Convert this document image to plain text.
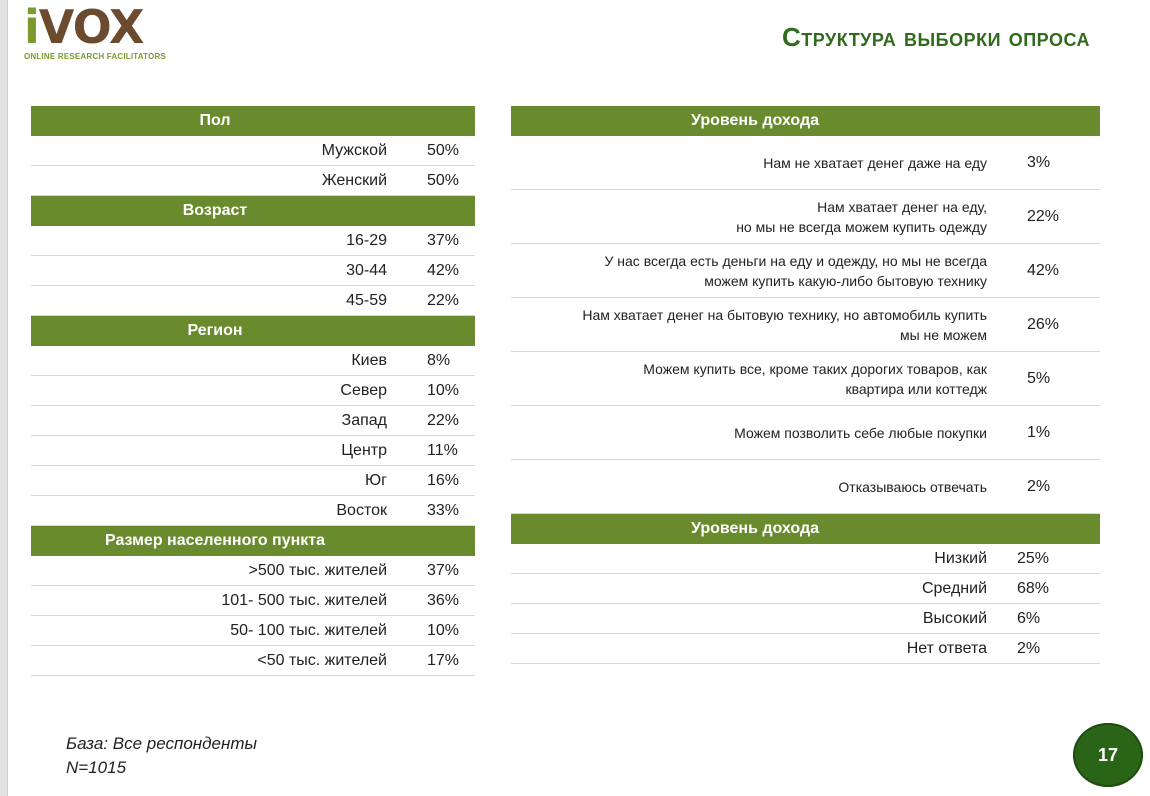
iVOX
ONLINE RESEARCH FACILITATORS
Структура выборки опроса
Пол	
Мужской	50%
Женский	50%
Возраст	
16-29	37%
30-44	42%
45-59	22%
Регион	
Киев	8%
Север	10%
Запад	22%
Центр	11%
Юг	16%
Восток	33%
Размер населенного пункта	
>500 тыс. жителей	37%
101- 500 тыс. жителей	36%
50- 100 тыс. жителей	10%
<50 тыс. жителей	17%
Уровень дохода	
Нам не хватает денег даже на еду	3%
Нам хватает денег на еду,
но мы не всегда можем купить одежду	22%
У нас всегда есть деньги на еду и одежду, но мы не всегда
можем купить какую-либо бытовую технику	42%
Нам хватает денег на бытовую технику, но автомобиль купить
мы не можем	26%
Можем купить все, кроме таких дорогих товаров, как
квартира или коттедж	5%
Можем позволить себе любые покупки	1%
Отказываюсь отвечать	2%
Уровень дохода	
Низкий	25%
Средний	68%
Высокий	6%
Нет ответа	2%
База: Все респонденты
N=1015
17
